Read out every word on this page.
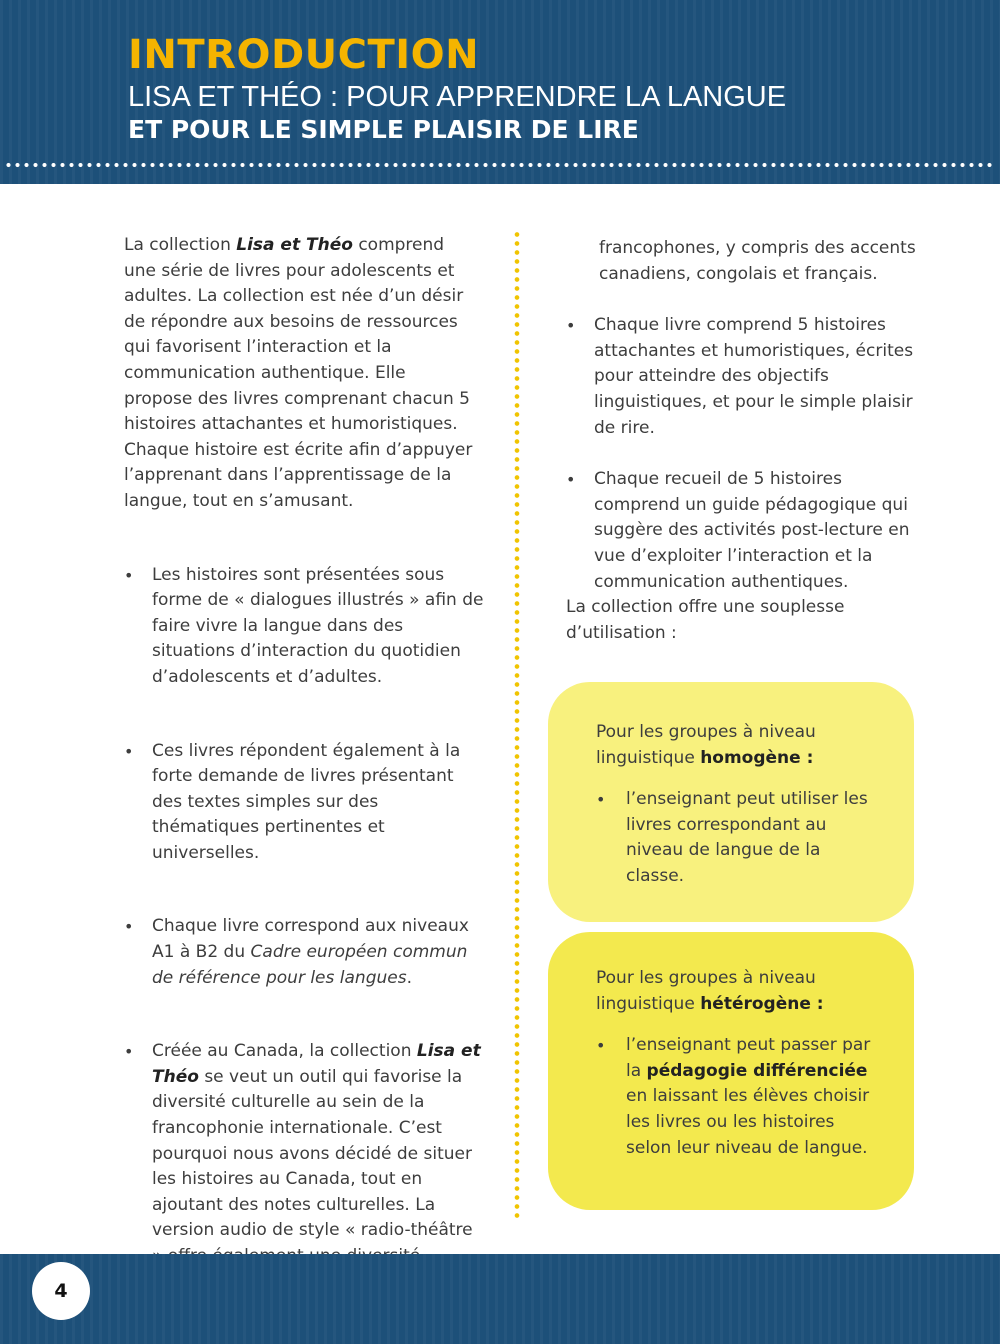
INTRODUCTION
LISA ET THÉO : POUR APPRENDRE LA LANGUE
ET POUR LE SIMPLE PLAISIR DE LIRE

La collection Lisa et Théo comprend une série de livres pour adolescents et adultes. La collection est née d’un désir de répondre aux besoins de ressources qui favorisent l’interaction et la communication authentique. Elle propose des livres comprenant chacun 5 histoires attachantes et humoristiques. Chaque histoire est écrite afin d’appuyer l’apprenant dans l’apprentissage de la langue, tout en s’amusant.

• Les histoires sont présentées sous forme de « dialogues illustrés » afin de faire vivre la langue dans des situations d’interaction du quotidien d’adolescents et d’adultes.
• Ces livres répondent également à la forte demande de livres présentant des textes simples sur des thématiques pertinentes et universelles.
• Chaque livre correspond aux niveaux A1 à B2 du Cadre européen commun de référence pour les langues.
• Créée au Canada, la collection Lisa et Théo se veut un outil qui favorise la diversité culturelle au sein de la francophonie internationale. C’est pourquoi nous avons décidé de situer les histoires au Canada, tout en ajoutant des notes culturelles. La version audio de style « radio-théâtre

francophones, y compris des accents canadiens, congolais et français.

• Chaque livre comprend 5 histoires attachantes et humoristiques, écrites pour atteindre des objectifs linguistiques, et pour le simple plaisir de rire.
• Chaque recueil de 5 histoires comprend un guide pédagogique qui suggère des activités post-lecture en vue d’exploiter l’interaction et la communication authentiques.

La collection offre une souplesse d’utilisation :

Pour les groupes à niveau linguistique homogène :

• l’enseignant peut utiliser les livres correspondant au niveau de langue de la classe.

Pour les groupes à niveau linguistique hétérogène :

• l’enseignant peut passer par la pédagogie différenciée en laissant les élèves choisir les livres ou les histoires selon leur niveau de langue.
4
